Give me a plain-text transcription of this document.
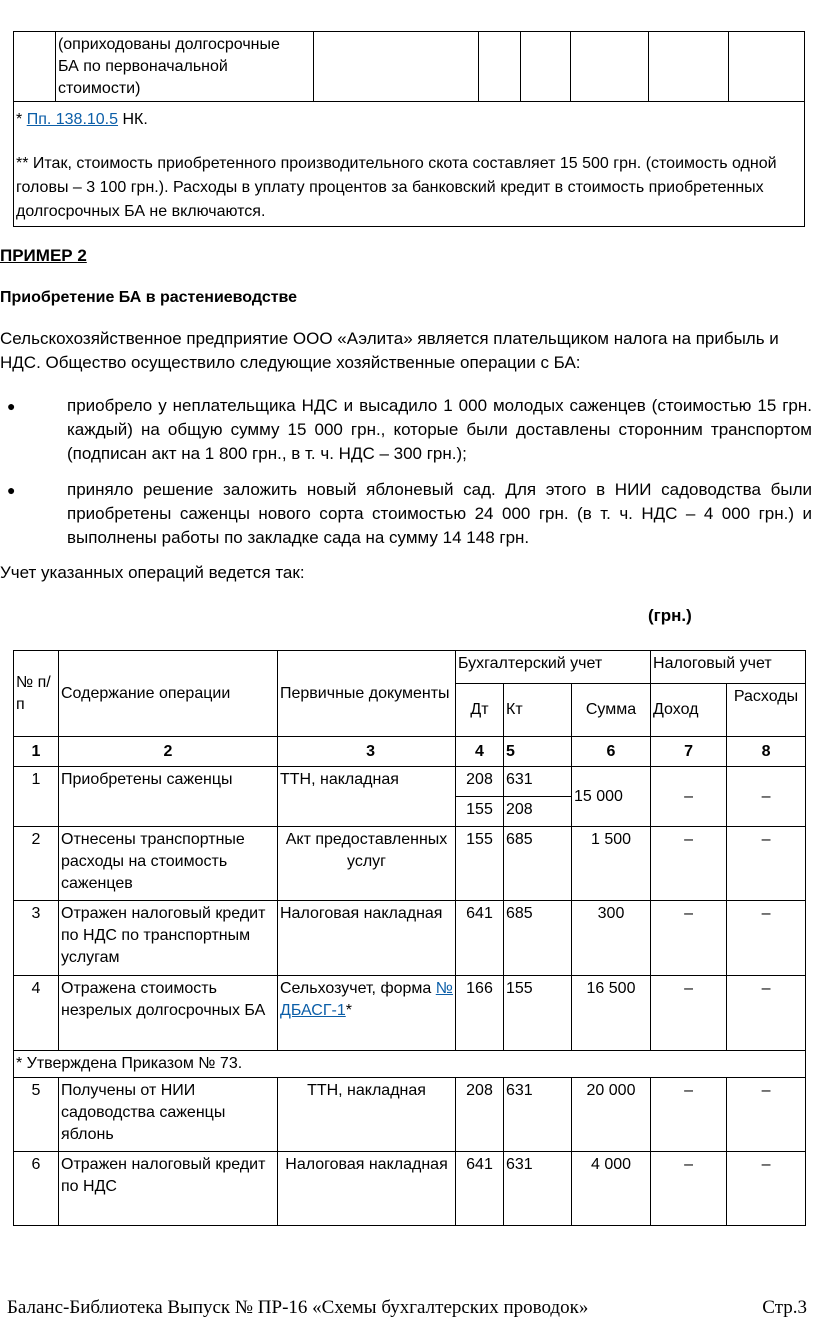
(оприходованы долгосрочные
БА по первоначальной
стоимости)

* Пп. 138.10.5 НК.
** Итак, стоимость приобретенного производительного скота составляет 15 500 грн. (стоимость одной головы – 3 100 грн.). Расходы в уплату процентов за банковский кредит в стоимость приобретенных долгосрочных БА не включаются.
ПРИМЕР 2
Приобретение БА в растениеводстве
Сельскохозяйственное предприятие ООО «Аэлита» является плательщиком налога на прибыль и НДС. Общество осуществило следующие хозяйственные операции с БА:
●	приобрело у неплательщика НДС и высадило 1 000 молодых саженцев (стоимостью 15 грн. каждый) на общую сумму 15 000 грн., которые были доставлены сторонним транспортом (подписан акт на 1 800 грн., в т. ч. НДС – 300 грн.);
●	приняло решение заложить новый яблоневый сад. Для этого в НИИ садоводства были приобретены саженцы нового сорта стоимостью 24 000 грн. (в т. ч. НДС – 4 000 грн.) и выполнены работы по закладке сада на сумму 14 148 грн.
Учет указанных операций ведется так:
(грн.)
№ п/п	Содержание операции	Первичные документы	Бухгалтерский учет			Налоговый учет	
			Дт	Кт	Сумма	Доход	Расходы
1	2	3	4	5	6	7	8
1	Приобретены саженцы	ТТН, накладная	208	631	15 000	–	–
			155	208			
2	Отнесены транспортные расходы на стоимость саженцев	Акт предоставленных услуг	155	685	1 500	–	–
3	Отражен налоговый кредит по НДС по транспортным услугам	Налоговая накладная	641	685	300	–	–
4	Отражена стоимость незрелых долгосрочных БА	Сельхозучет, форма № ДБАСГ-1*	166	155	16 500	–	–
* Утверждена Приказом № 73.							
5	Получены от НИИ садоводства саженцы яблонь	ТТН, накладная	208	631	20 000	–	–
6	Отражен налоговый кредит по НДС	Налоговая накладная	641	631	4 000	–	–
Баланс-Библиотека Выпуск № ПР-16 «Схемы бухгалтерских проводок»	Стр.3
